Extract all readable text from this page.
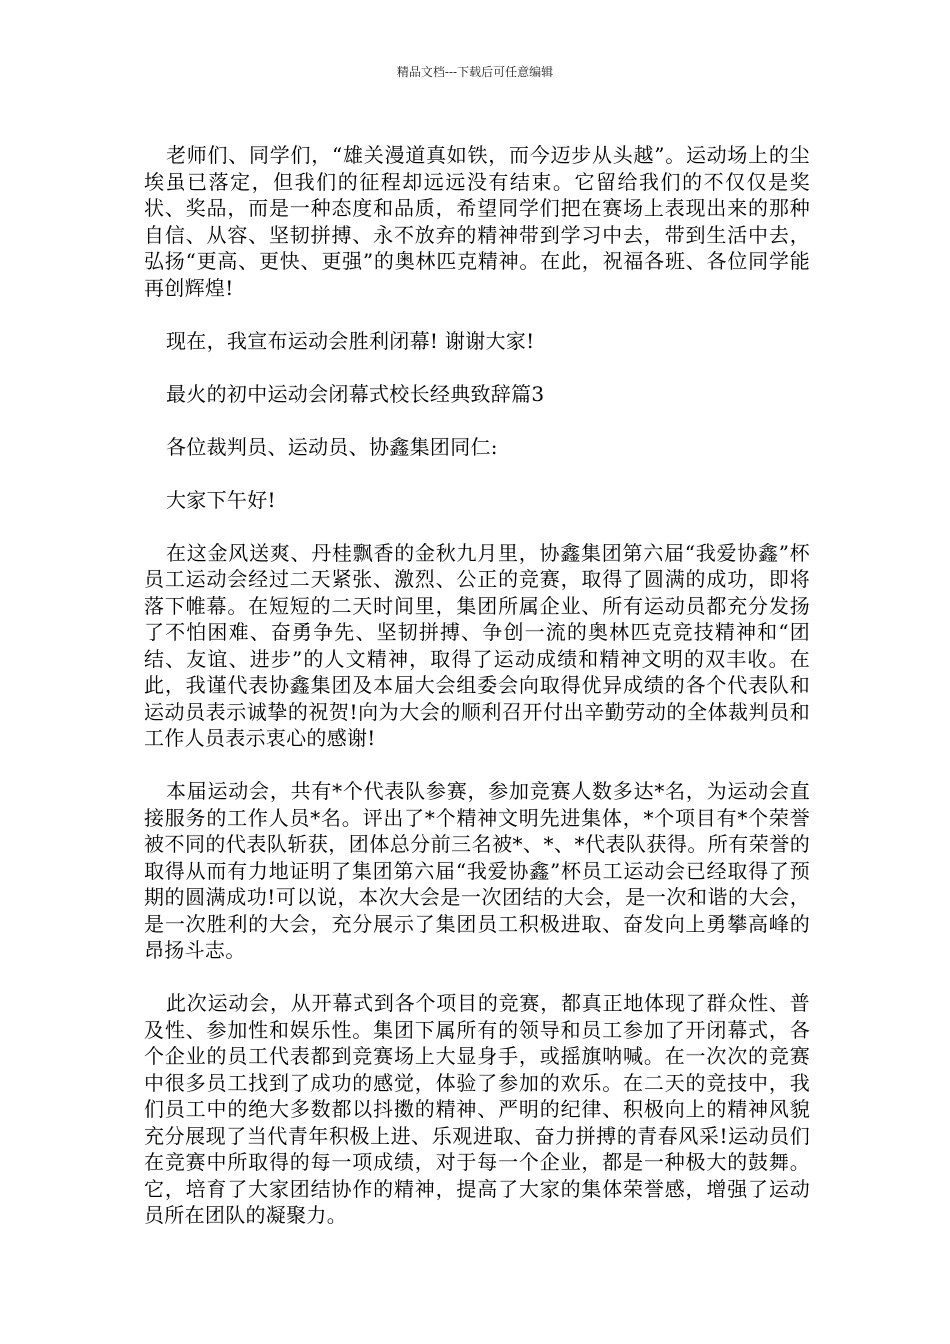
精品文档---下载后可任意编辑

老师们、同学们，“雄关漫道真如铁，而今迈步从头越”。运动场上的尘埃虽已落定，但我们的征程却远远没有结束。它留给我们的不仅仅是奖状、奖品，而是一种态度和品质，希望同学们把在赛场上表现出来的那种自信、从容、坚韧拼搏、永不放弃的精神带到学习中去，带到生活中去，弘扬“更高、更快、更强”的奥林匹克精神。在此，祝福各班、各位同学能再创辉煌!

现在，我宣布运动会胜利闭幕! 谢谢大家!

最火的初中运动会闭幕式校长经典致辞篇3

各位裁判员、运动员、协鑫集团同仁:

大家下午好!

在这金风送爽、丹桂飘香的金秋九月里，协鑫集团第六届“我爱协鑫”杯员工运动会经过二天紧张、激烈、公正的竞赛，取得了圆满的成功，即将落下帷幕。在短短的二天时间里，集团所属企业、所有运动员都充分发扬了不怕困难、奋勇争先、坚韧拼搏、争创一流的奥林匹克竞技精神和“团结、友谊、进步”的人文精神，取得了运动成绩和精神文明的双丰收。在此，我谨代表协鑫集团及本届大会组委会向取得优异成绩的各个代表队和运动员表示诚挚的祝贺!向为大会的顺利召开付出辛勤劳动的全体裁判员和工作人员表示衷心的感谢!

本届运动会，共有*个代表队参赛，参加竞赛人数多达*名，为运动会直接服务的工作人员*名。评出了*个精神文明先进集体，*个项目有*个荣誉被不同的代表队斩获，团体总分前三名被*、*、*代表队获得。所有荣誉的取得从而有力地证明了集团第六届“我爱协鑫”杯员工运动会已经取得了预期的圆满成功!可以说，本次大会是一次团结的大会，是一次和谐的大会，是一次胜利的大会，充分展示了集团员工积极进取、奋发向上勇攀高峰的昂扬斗志。

此次运动会，从开幕式到各个项目的竞赛，都真正地体现了群众性、普及性、参加性和娱乐性。集团下属所有的领导和员工参加了开闭幕式，各个企业的员工代表都到竞赛场上大显身手，或摇旗呐喊。在一次次的竞赛中很多员工找到了成功的感觉，体验了参加的欢乐。在二天的竞技中，我们员工中的绝大多数都以抖擞的精神、严明的纪律、积极向上的精神风貌充分展现了当代青年积极上进、乐观进取、奋力拼搏的青春风采!运动员们在竞赛中所取得的每一项成绩，对于每一个企业，都是一种极大的鼓舞。它，培育了大家团结协作的精神，提高了大家的集体荣誉感，增强了运动员所在团队的凝聚力。
